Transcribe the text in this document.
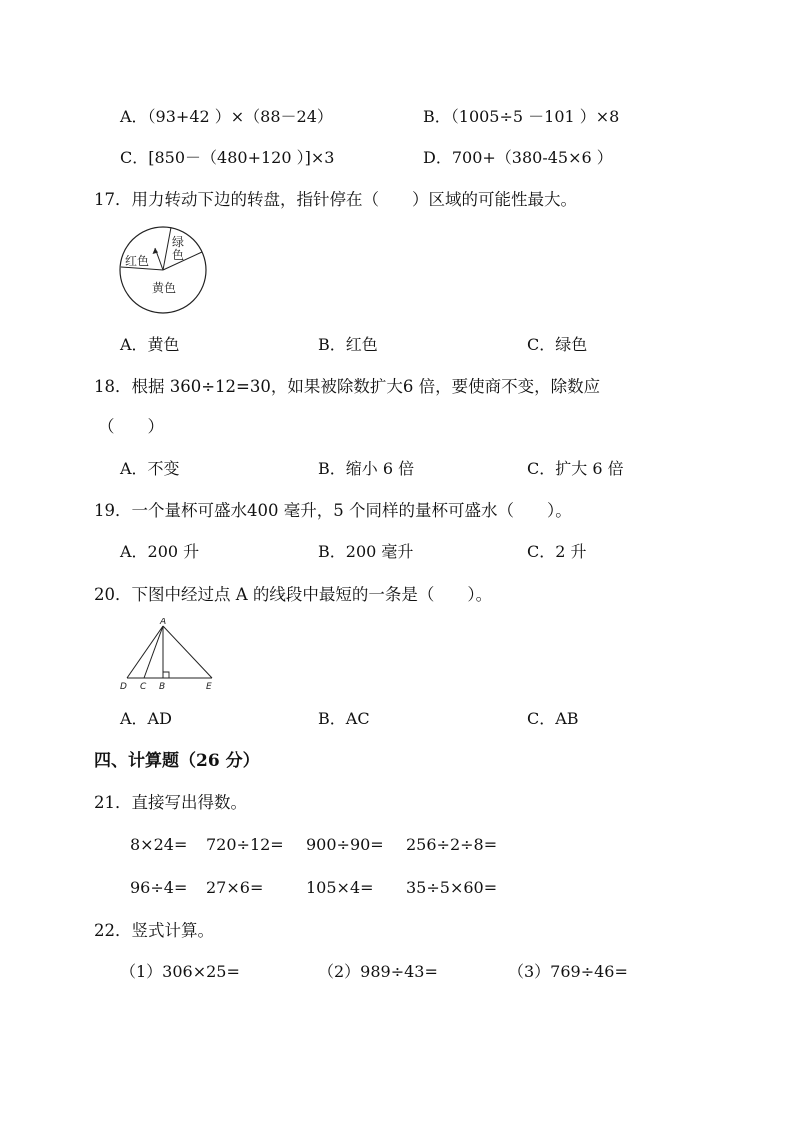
A．（93+42 ）×（88－24）	B．（1005÷5 －101 ）×8
C．[850－（480+120 ）]×3	D．700+（380-45×6 ）
17．用力转动下边的转盘，指针停在（　　）区域的可能性最大。
绿
色
红色
黄色
A．黄色	B．红色	C．绿色
18．根据 360÷12=30，如果被除数扩大6 倍，要使商不变，除数应
（　　）
A．不变	B．缩小 6 倍	C．扩大 6 倍
19．一个量杯可盛水400 毫升，5 个同样的量杯可盛水（　　）。
A．200 升	B．200 毫升	C．2 升
20．下图中经过点 A 的线段中最短的一条是（　　）。
A
D C B	E
A．AD	B．AC	C．AB
四、计算题（26 分）
21．直接写出得数。
8×24= 720÷12= 900÷90= 256÷2÷8=
96÷4= 27×6=	105×4= 35÷5×60=
22．竖式计算。
（1）306×25=	（2）989÷43=	（3）769÷46=
